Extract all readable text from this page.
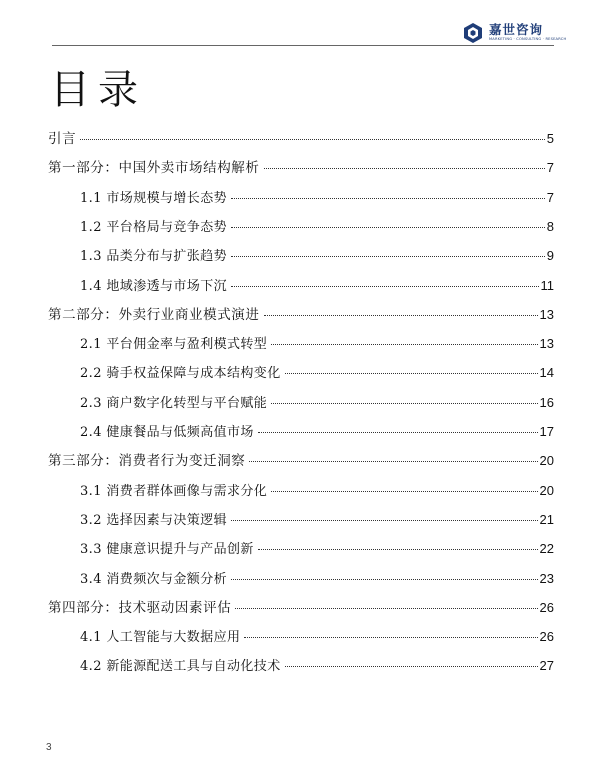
嘉世咨询
MARKETING · CONSULTING · RESEARCH
目录
引言	5
第一部分：中国外卖市场结构解析	7
1.1 市场规模与增长态势	7
1.2 平台格局与竞争态势	8
1.3 品类分布与扩张趋势	9
1.4 地域渗透与市场下沉	11
第二部分：外卖行业商业模式演进	13
2.1 平台佣金率与盈利模式转型	13
2.2 骑手权益保障与成本结构变化	14
2.3 商户数字化转型与平台赋能	16
2.4 健康餐品与低频高值市场	17
第三部分：消费者行为变迁洞察	20
3.1 消费者群体画像与需求分化	20
3.2 选择因素与决策逻辑	21
3.3 健康意识提升与产品创新	22
3.4 消费频次与金额分析	23
第四部分：技术驱动因素评估	26
4.1 人工智能与大数据应用	26
4.2 新能源配送工具与自动化技术	27
3
